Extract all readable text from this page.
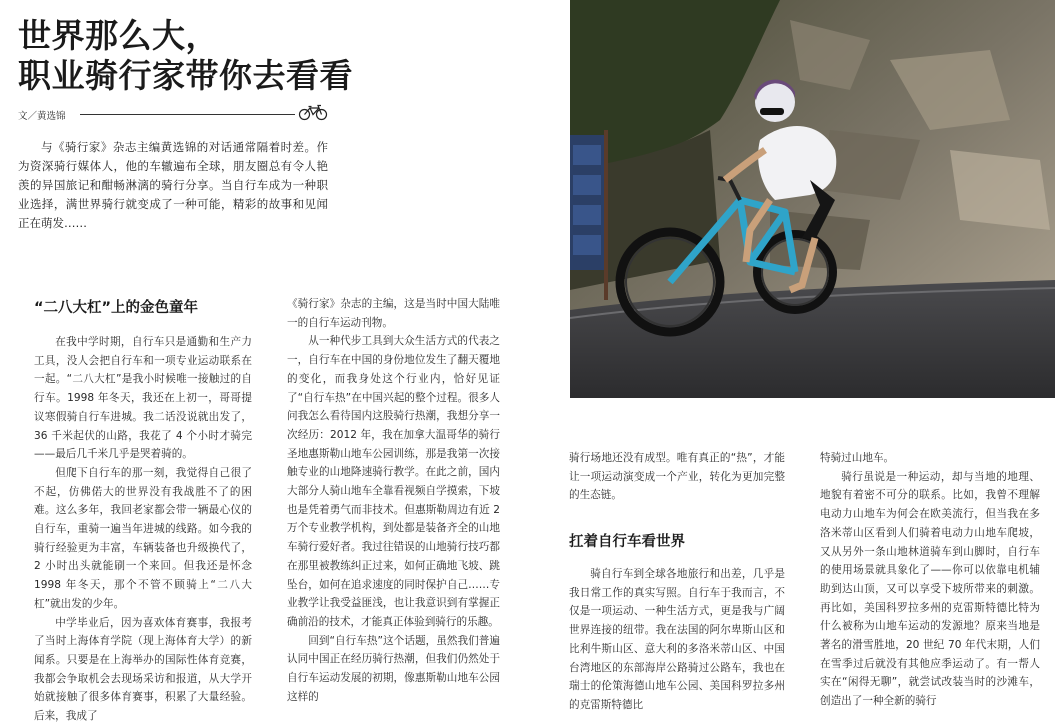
世界那么大，
职业骑行家带你去看看
文／黄选锦
与《骑行家》杂志主编黄选锦的对话通常隔着时差。作为资深骑行媒体人，他的车辙遍布全球，朋友圈总有令人艳羡的异国旅记和酣畅淋漓的骑行分享。当自行车成为一种职业选择，满世界骑行就变成了一种可能，精彩的故事和见闻正在萌发……
“二八大杠”上的金色童年

在我中学时期，自行车只是通勤和生产力工具，没人会把自行车和一项专业运动联系在一起。“二八大杠”是我小时候唯一接触过的自行车。1998 年冬天，我还在上初一，哥哥提议寒假骑自行车进城。我二话没说就出发了，36 千米起伏的山路，我花了 4 个小时才骑完——最后几千米几乎是哭着骑的。

但爬下自行车的那一刻，我觉得自己很了不起，仿佛偌大的世界没有我战胜不了的困难。这么多年，我回老家都会带一辆最心仪的自行车，重骑一遍当年进城的线路。如今我的骑行经验更为丰富，车辆装备也升级换代了，2 小时出头就能刷一个来回。但我还是怀念 1998 年冬天，那个不管不顾骑上“二八大杠”就出发的少年。

中学毕业后，因为喜欢体育赛事，我报考了当时上海体育学院（现上海体育大学）的新闻系。只要是在上海举办的国际性体育竞赛，我都会争取机会去现场采访和报道，从大学开始就接触了很多体育赛事，积累了大量经验。后来，我成了

《骑行家》杂志的主编，这是当时中国大陆唯一的自行车运动刊物。

从一种代步工具到大众生活方式的代表之一，自行车在中国的身份地位发生了翻天覆地的变化，而我身处这个行业内，恰好见证了“自行车热”在中国兴起的整个过程。很多人问我怎么看待国内这股骑行热潮，我想分享一次经历：2012 年，我在加拿大温哥华的骑行圣地惠斯勒山地车公园训练，那是我第一次接触专业的山地降速骑行教学。在此之前，国内大部分人骑山地车全靠看视频自学摸索，下坡也是凭着勇气而非技术。但惠斯勒周边有近 2 万个专业教学机构，到处都是装备齐全的山地车骑行爱好者。我过往错误的山地骑行技巧都在那里被教练纠正过来，如何正确地飞坡、跳坠台，如何在追求速度的同时保护自己……专业教学让我受益匪浅，也让我意识到有掌握正确前沿的技术，才能真正体验到骑行的乐趣。

回到“自行车热”这个话题，虽然我们普遍认同中国正在经历骑行热潮，但我们仍然处于自行车运动发展的初期，像惠斯勒山地车公园这样的

骑行场地还没有成型。唯有真正的“热”，才能让一项运动演变成一个产业，转化为更加完整的生态链。

扛着自行车看世界

骑自行车到全球各地旅行和出差，几乎是我日常工作的真实写照。自行车于我而言，不仅是一项运动、一种生活方式，更是我与广阔世界连接的纽带。我在法国的阿尔卑斯山区和比利牛斯山区、意大利的多洛米蒂山区、中国台湾地区的东部海岸公路骑过公路车，我也在瑞士的伦策海德山地车公园、美国科罗拉多州的克雷斯特德比

特骑过山地车。

骑行虽说是一种运动，却与当地的地理、地貌有着密不可分的联系。比如，我曾不理解电动力山地车为何会在欧美流行，但当我在多洛米蒂山区看到人们骑着电动力山地车爬坡，又从另外一条山地林道骑车到山脚时，自行车的使用场景就具象化了——你可以依靠电机辅助到达山顶，又可以享受下坡所带来的刺激。再比如，美国科罗拉多州的克雷斯特德比特为什么被称为山地车运动的发源地？原来当地是著名的滑雪胜地，20 世纪 70 年代末期，人们在雪季过后就没有其他应季运动了。有一帮人实在“闲得无聊”，就尝试改装当时的沙滩车，创造出了一种全新的骑行
